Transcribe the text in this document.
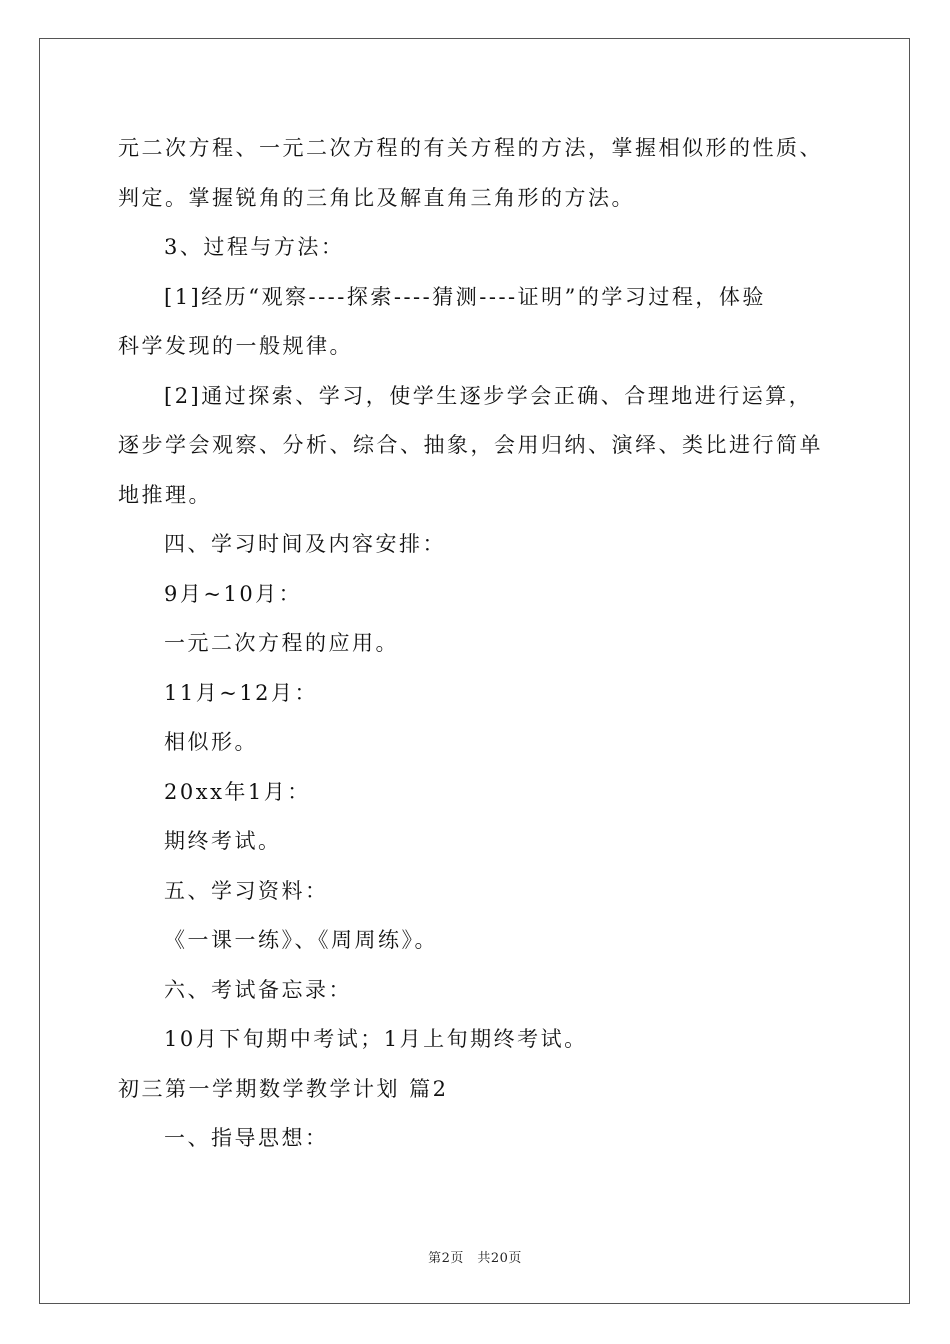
元二次方程、一元二次方程的有关方程的方法，掌握相似形的性质、
判定。掌握锐角的三角比及解直角三角形的方法。
3、过程与方法：
[1]经历“观察----探索----猜测----证明”的学习过程，体验
科学发现的一般规律。
[2]通过探索、学习，使学生逐步学会正确、合理地进行运算，
逐步学会观察、分析、综合、抽象，会用归纳、演绎、类比进行简单
地推理。
四、学习时间及内容安排：
9月~10月：
一元二次方程的应用。
11月~12月：
相似形。
20xx年1月：
期终考试。
五、学习资料：
《一课一练》、《周周练》。
六、考试备忘录：
10月下旬期中考试；1月上旬期终考试。
初三第一学期数学教学计划 篇2
一、指导思想：
第2页　共20页
